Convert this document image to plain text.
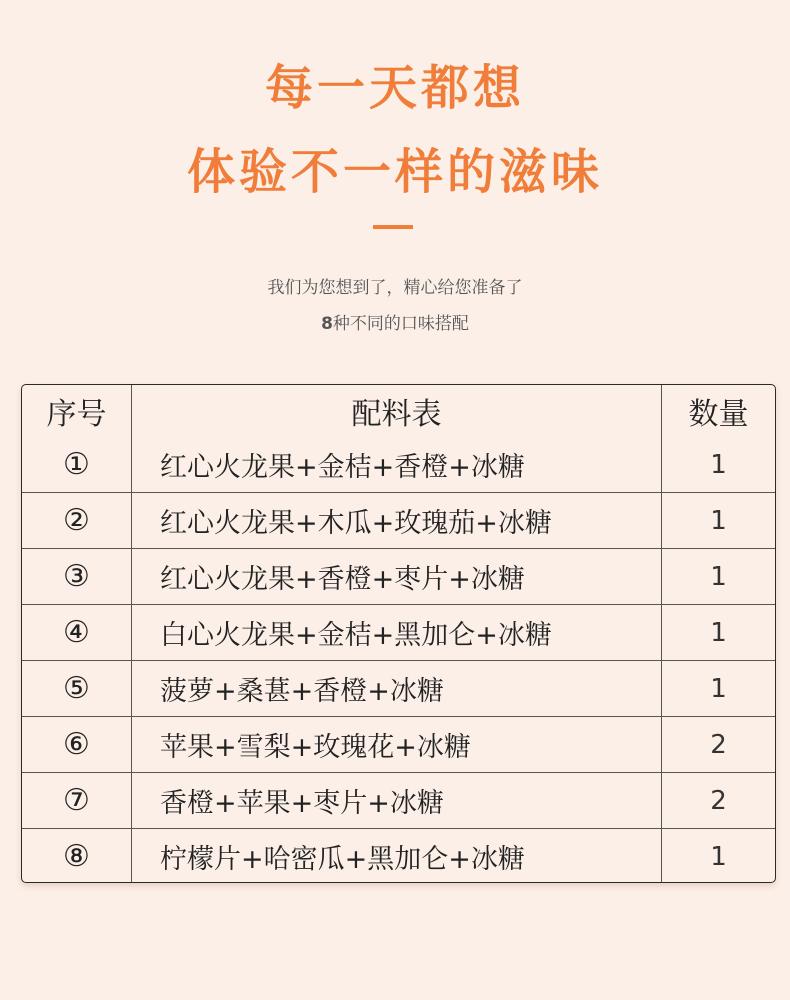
每一天都想
体验不一样的滋味

我们为您想到了，精心给您准备了

8种不同的口味搭配

序号	配料表	数量
①	红心火龙果+金桔+香橙+冰糖	1
②	红心火龙果+木瓜+玫瑰茄+冰糖	1
③	红心火龙果+香橙+枣片+冰糖	1
④	白心火龙果+金桔+黑加仑+冰糖	1
⑤	菠萝+桑葚+香橙+冰糖	1
⑥	苹果+雪梨+玫瑰花+冰糖	2
⑦	香橙+苹果+枣片+冰糖	2
⑧	柠檬片+哈密瓜+黑加仑+冰糖	1
